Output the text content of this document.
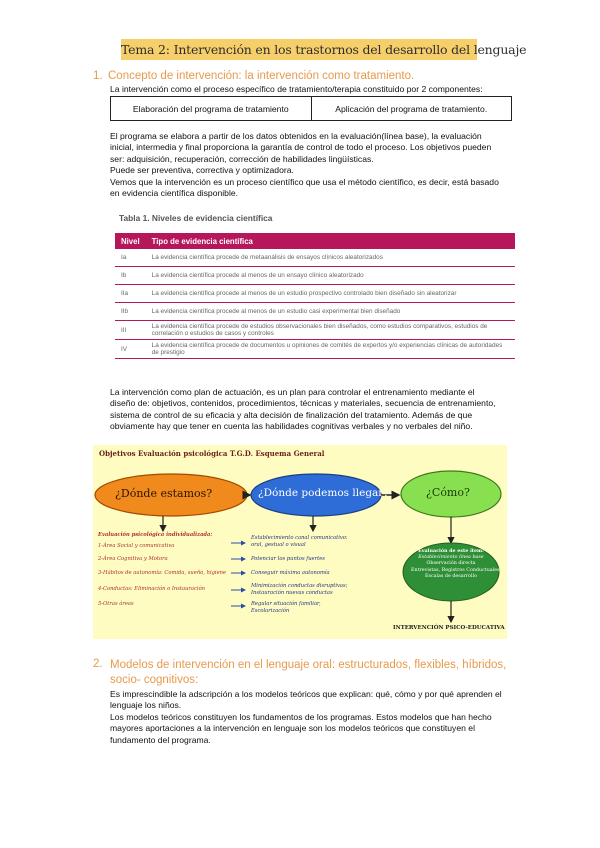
Tema 2: Intervención en los trastornos del desarrollo del lenguaje
1. Concepto de intervención: la intervención como tratamiento.
La intervención como el proceso específico de tratamiento/terapia constituido por 2 componentes:
Elaboración del programa de tratamiento	Aplicación del programa de tratamiento.
El programa se elabora a partir de los datos obtenidos en la evaluación(línea base), la evaluación
inicial, intermedia y final proporciona la garantía de control de todo el proceso. Los objetivos pueden
ser: adquisición, recuperación, corrección de habilidades lingüísticas.
Puede ser preventiva, correctiva y optimizadora.
Vemos que la intervención es un proceso científico que usa el método científico, es decir, está basado
en evidencia científica disponible.
Tabla 1. Niveles de evidencia científica
Nivel	Tipo de evidencia científica
Ia	La evidencia científica procede de metaanálisis de ensayos clínicos aleatorizados
Ib	La evidencia científica procede al menos de un ensayo clínico aleatorizado
IIa	La evidencia científica procede al menos de un estudio prospectivo controlado bien diseñado sin aleatorizar
IIb	La evidencia científica procede al menos de un estudio casi experimental bien diseñado
III	La evidencia científica procede de estudios observacionales bien diseñados, como estudios comparativos, estudios de correlación o estudios de casos y controles
IV	La evidencia científica procede de documentos u opiniones de comités de expertos y/o experiencias clínicas de autoridades de prestigio
La intervención como plan de actuación, es un plan para controlar el entrenamiento mediante el
diseño de: objetivos, contenidos, procedimientos, técnicas y materiales, secuencia de entrenamiento,
sistema de control de su eficacia y alta decisión de finalización del tratamiento. Además de que
obviamente hay que tener en cuenta las habilidades cognitivas verbales y no verbales del niño.
Objetivos Evaluación psicológica T.G.D. Esquema General
¿Dónde estamos?	¿Dónde podemos llegar?	¿Cómo?
Evaluación psicológica individualizada:
1-Área Social y comunicativa
2-Área Cognitiva y Motora
3-Hábitos de autonomía: Comida, sueño, higiene
4-Conductas: Eliminación o Instauración
5-Otras áreas
Establecimiento canal comunicativo: oral, gestual o visual
Potenciar los puntos fuertes
Conseguir máxima autonomía
Minimización conductas disruptivas; Instauración nuevas conductas
Regular situación familiar, Escolarización
Evaluación de este ítem:
Establecimiento línea base
Observación directa
Entrevistas, Registros Conductuales
Escalas de desarrollo
INTERVENCIÓN PSICO-EDUCATIVA
2. Modelos de intervención en el lenguaje oral: estructurados, flexibles, híbridos,
socio- cognitivos:
Es imprescindible la adscripción a los modelos teóricos que explican: qué, cómo y por qué aprenden el
lenguaje los niños.
Los modelos teóricos constituyen los fundamentos de los programas. Estos modelos que han hecho
mayores aportaciones a la intervención en lenguaje son los modelos teóricos que constituyen el
fundamento del programa.
